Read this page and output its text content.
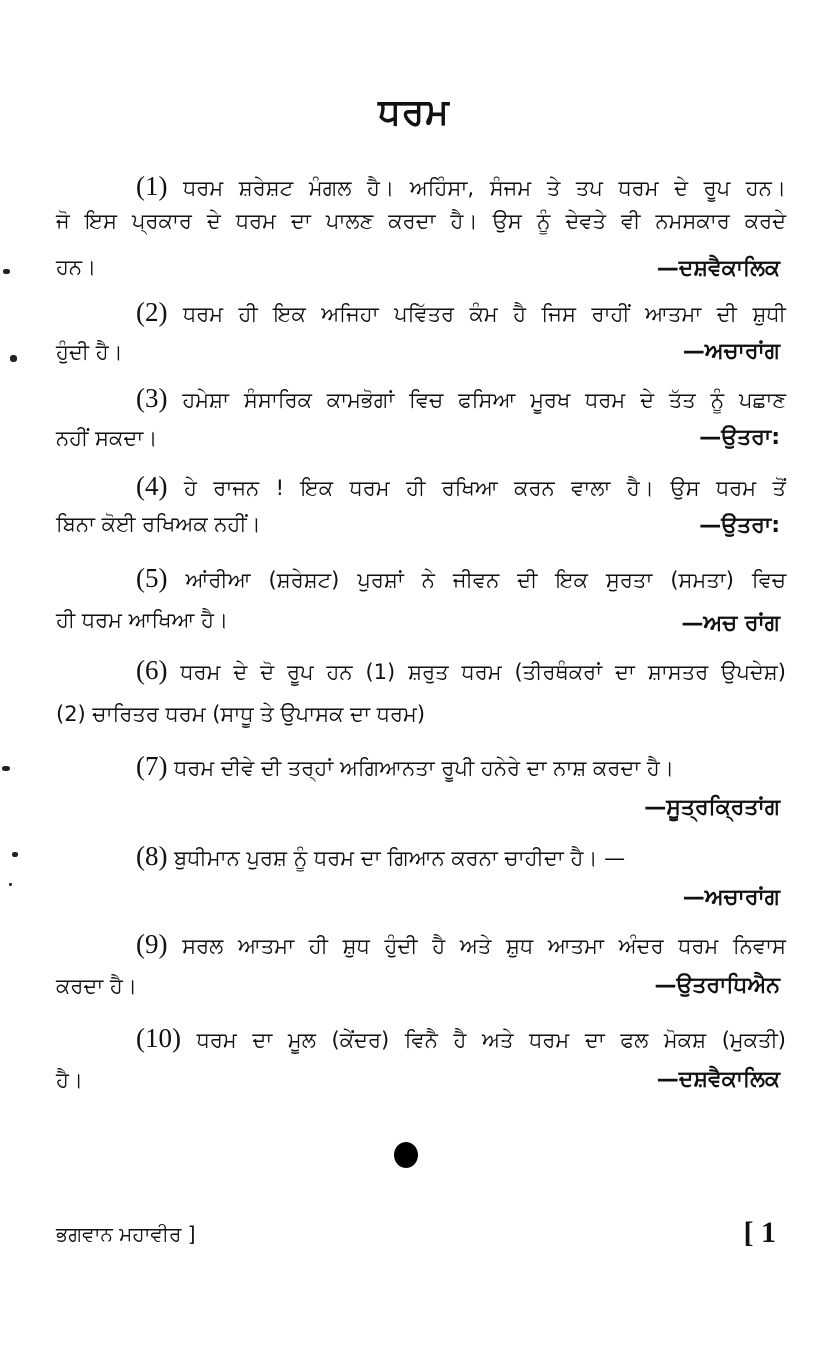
ਧਰਮ
(1) ਧਰਮ ਸ਼ਰੇਸ਼ਟ ਮੰਗਲ ਹੈ। ਅਹਿੰਸਾ, ਸੰਜਮ ਤੇ ਤਪ ਧਰਮ ਦੇ ਰੂਪ ਹਨ।
ਜੋ ਇਸ ਪ੍ਰਕਾਰ ਦੇ ਧਰਮ ਦਾ ਪਾਲਣ ਕਰਦਾ ਹੈ। ਉਸ ਨੂੰ ਦੇਵਤੇ ਵੀ ਨਮਸਕਾਰ ਕਰਦੇ
ਹਨ।	—ਦਸ਼ਵੈਕਾਲਿਕ
(2) ਧਰਮ ਹੀ ਇਕ ਅਜਿਹਾ ਪਵਿੱਤਰ ਕੰਮ ਹੈ ਜਿਸ ਰਾਹੀਂ ਆਤਮਾ ਦੀ ਸ਼ੁਧੀ
ਹੁੰਦੀ ਹੈ।	—ਅਚਾਰਾਂਗ
(3) ਹਮੇਸ਼ਾ ਸੰਸਾਰਿਕ ਕਾਮਭੋਗਾਂ ਵਿਚ ਫਸਿਆ ਮੂਰਖ ਧਰਮ ਦੇ ਤੱਤ ਨੂੰ ਪਛਾਣ
ਨਹੀਂ ਸਕਦਾ।	—ਉਤਰਾ:
(4) ਹੇ ਰਾਜਨ ! ਇਕ ਧਰਮ ਹੀ ਰਖਿਆ ਕਰਨ ਵਾਲਾ ਹੈ। ਉਸ ਧਰਮ ਤੋਂ
ਬਿਨਾ ਕੋਈ ਰਖਿਅਕ ਨਹੀਂ।	—ਉਤਰਾ:
(5) ਆਂਰੀਆ (ਸ਼ਰੇਸ਼ਟ) ਪੁਰਸ਼ਾਂ ਨੇ ਜੀਵਨ ਦੀ ਇਕ ਸੁਰਤਾ (ਸਮਤਾ) ਵਿਚ
ਹੀ ਧਰਮ ਆਖਿਆ ਹੈ।	—ਅਚ ਰਾਂਗ
(6) ਧਰਮ ਦੇ ਦੋ ਰੂਪ ਹਨ (1) ਸ਼ਰੁਤ ਧਰਮ (ਤੀਰਥੰਕਰਾਂ ਦਾ ਸ਼ਾਸਤਰ ਉਪਦੇਸ਼)
(2) ਚਾਰਿਤਰ ਧਰਮ (ਸਾਧੂ ਤੇ ਉਪਾਸਕ ਦਾ ਧਰਮ)
(7) ਧਰਮ ਦੀਵੇ ਦੀ ਤਰ੍ਹਾਂ ਅਗਿਆਨਤਾ ਰੂਪੀ ਹਨੇਰੇ ਦਾ ਨਾਸ਼ ਕਰਦਾ ਹੈ।
—ਸੂਤ੍ਰਕ੍ਰਿਤਾਂਗ
(8) ਬੁਧੀਮਾਨ ਪੁਰਸ਼ ਨੂੰ ਧਰਮ ਦਾ ਗਿਆਨ ਕਰਨਾ ਚਾਹੀਦਾ ਹੈ। —
—ਅਚਾਰਾਂਗ
(9) ਸਰਲ ਆਤਮਾ ਹੀ ਸ਼ੁਧ ਹੁੰਦੀ ਹੈ ਅਤੇ ਸ਼ੁਧ ਆਤਮਾ ਅੰਦਰ ਧਰਮ ਨਿਵਾਸ
ਕਰਦਾ ਹੈ।	—ਉਤਰਾਧਿਐਨ
(10) ਧਰਮ ਦਾ ਮੂਲ (ਕੇਂਦਰ) ਵਿਨੈ ਹੈ ਅਤੇ ਧਰਮ ਦਾ ਫਲ ਮੋਕਸ਼ (ਮੁਕਤੀ)
ਹੈ।	—ਦਸ਼ਵੈਕਾਲਿਕ
ਭਗਵਾਨ ਮਹਾਵੀਰ ]	[ 1
